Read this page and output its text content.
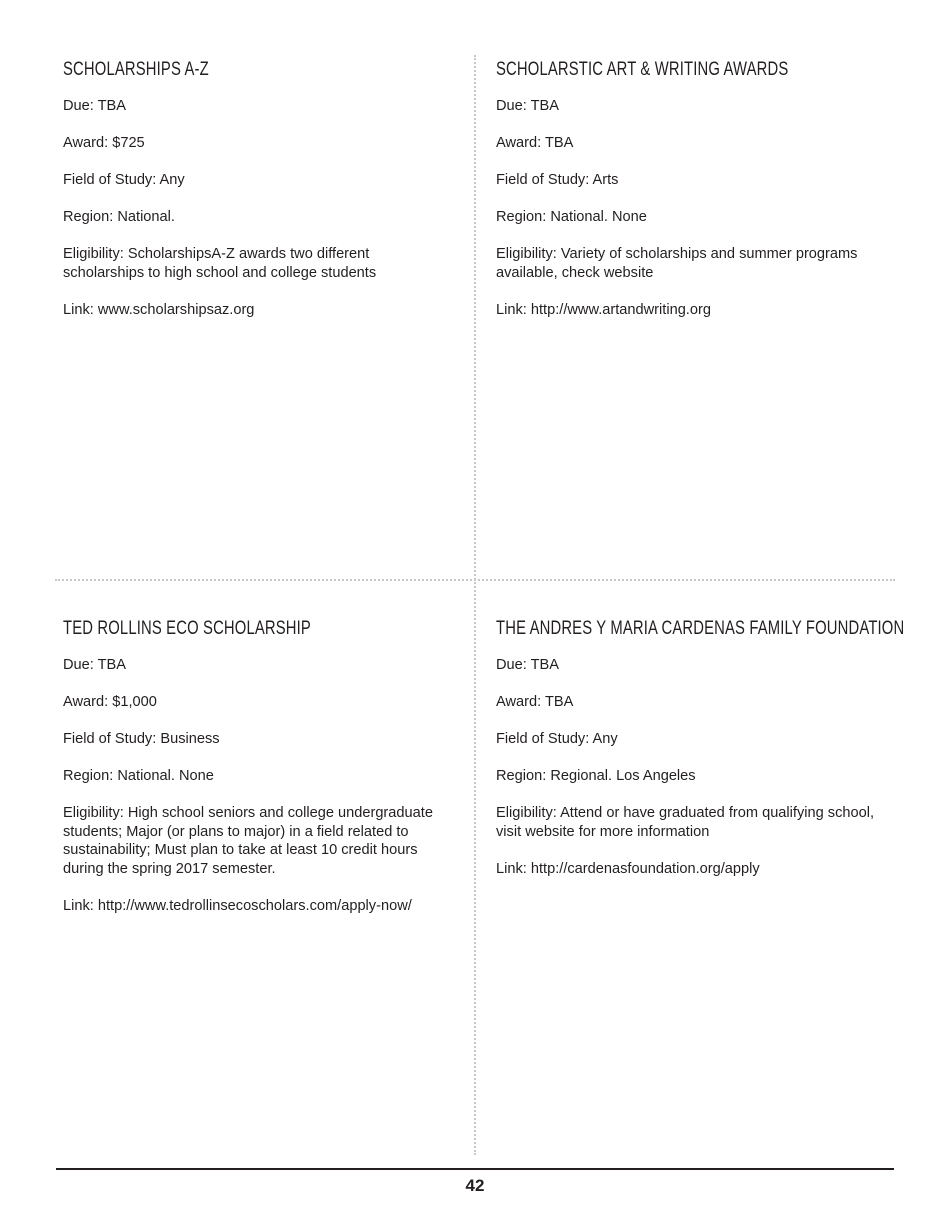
SCHOLARSHIPS A-Z

Due: TBA

Award: $725

Field of Study: Any

Region: National.

Eligibility: ScholarshipsA-Z awards two different scholarships to high school and college students

Link: www.scholarshipsaz.org

SCHOLARSTIC ART & WRITING AWARDS

Due: TBA

Award: TBA

Field of Study: Arts

Region: National. None

Eligibility: Variety of scholarships and summer programs available, check website

Link: http://www.artandwriting.org

TED ROLLINS ECO SCHOLARSHIP

Due: TBA

Award: $1,000

Field of Study: Business

Region: National. None

Eligibility: High school seniors and college undergraduate students; Major (or plans to major) in a field related to sustainability; Must plan to take at least 10 credit hours during the spring 2017 semester.

Link: http://www.tedrollinsecoscholars.com/apply-now/

THE ANDRES Y MARIA CARDENAS FAMILY FOUNDATION

Due: TBA

Award: TBA

Field of Study: Any

Region: Regional. Los Angeles

Eligibility: Attend or have graduated from qualifying school, visit website for more information

Link: http://cardenasfoundation.org/apply

42
